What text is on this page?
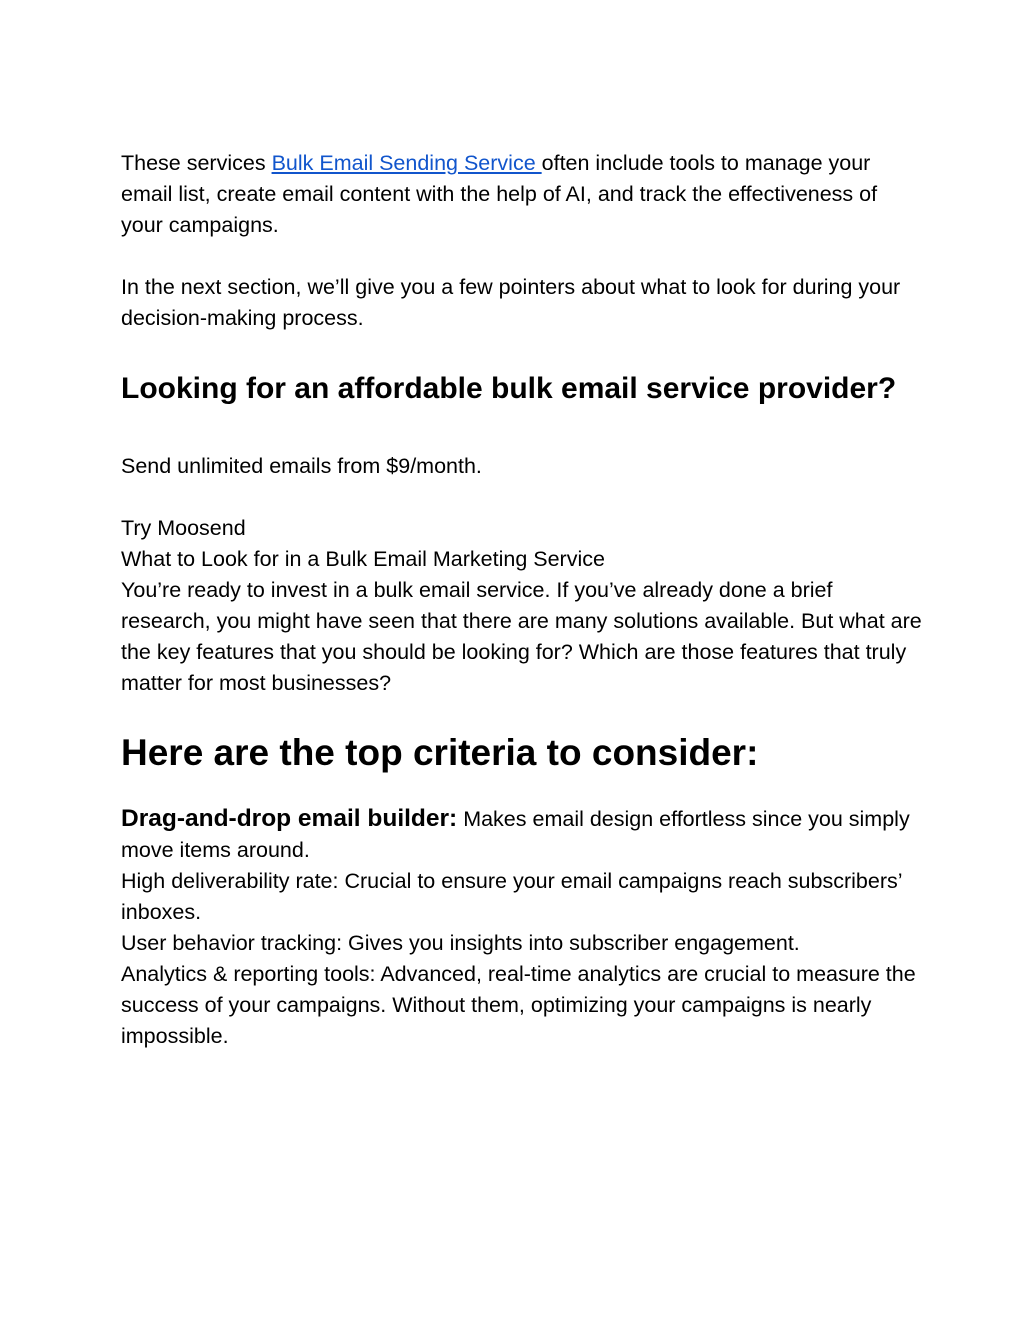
These services Bulk Email Sending Service often include tools to manage your email list, create email content with the help of AI, and track the effectiveness of your campaigns.

In the next section, we’ll give you a few pointers about what to look for during your decision-making process.

Looking for an affordable bulk email service provider?

Send unlimited emails from $9/month.

Try Moosend

What to Look for in a Bulk Email Marketing Service

You’re ready to invest in a bulk email service. If you’ve already done a brief research, you might have seen that there are many solutions available. But what are the key features that you should be looking for? Which are those features that truly matter for most businesses?

Here are the top criteria to consider:

Drag-and-drop email builder: Makes email design effortless since you simply move items around.

High deliverability rate: Crucial to ensure your email campaigns reach subscribers’ inboxes.

User behavior tracking: Gives you insights into subscriber engagement.

Analytics & reporting tools: Advanced, real-time analytics are crucial to measure the success of your campaigns. Without them, optimizing your campaigns is nearly impossible.
